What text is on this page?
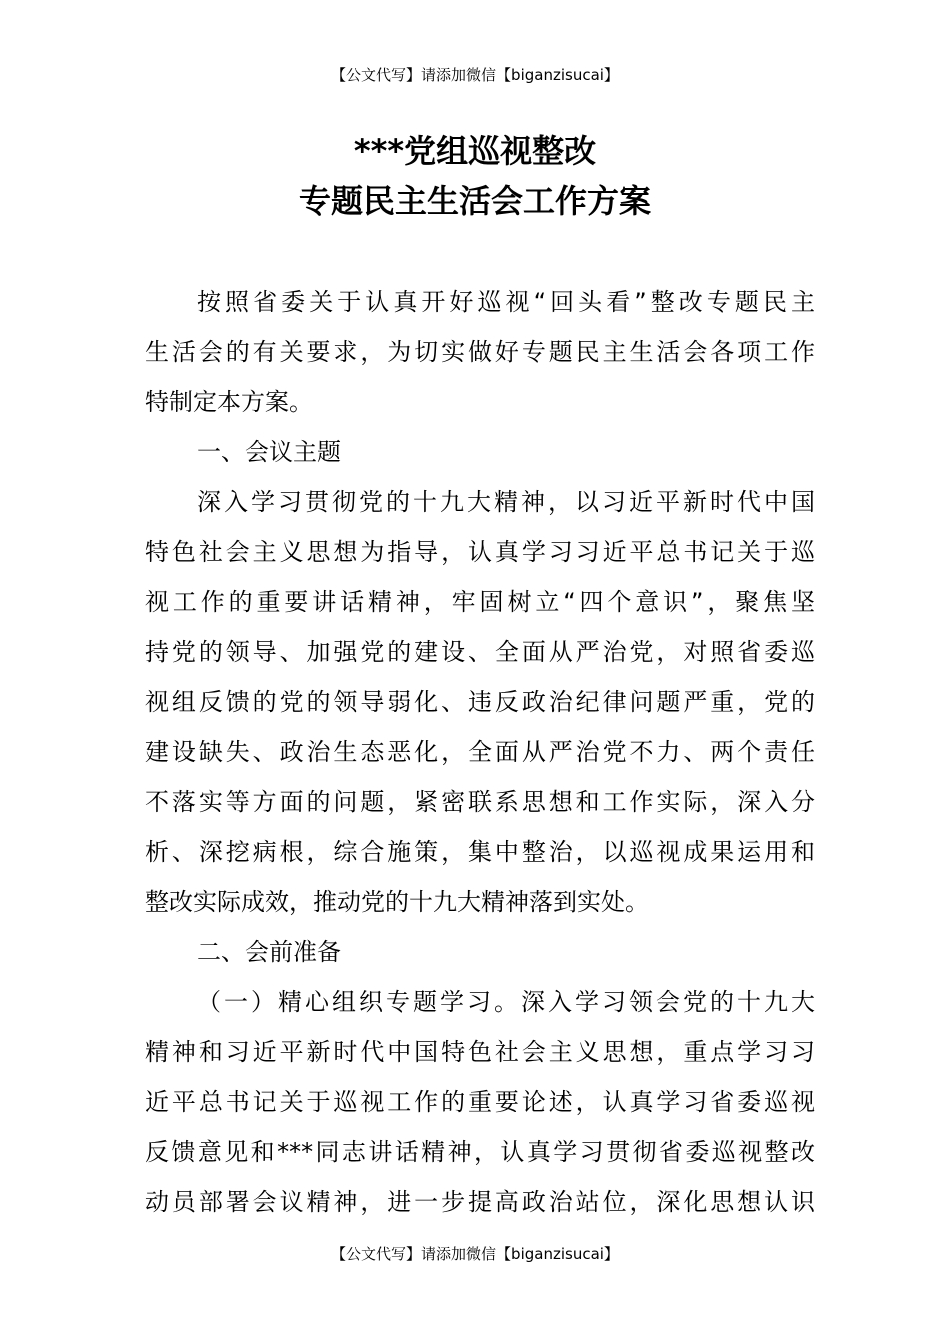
【公文代写】请添加微信【biganzisucai】
***党组巡视整改
专题民主生活会工作方案
按照省委关于认真开好巡视“回头看”整改专题民主
生活会的有关要求，为切实做好专题民主生活会各项工作
特制定本方案。
一、会议主题
深入学习贯彻党的十九大精神，以习近平新时代中国
特色社会主义思想为指导，认真学习习近平总书记关于巡
视工作的重要讲话精神，牢固树立“四个意识”，聚焦坚
持党的领导、加强党的建设、全面从严治党，对照省委巡
视组反馈的党的领导弱化、违反政治纪律问题严重，党的
建设缺失、政治生态恶化，全面从严治党不力、两个责任
不落实等方面的问题，紧密联系思想和工作实际，深入分
析、深挖病根，综合施策，集中整治，以巡视成果运用和
整改实际成效，推动党的十九大精神落到实处。
二、会前准备
（一）精心组织专题学习。深入学习领会党的十九大
精神和习近平新时代中国特色社会主义思想，重点学习习
近平总书记关于巡视工作的重要论述，认真学习省委巡视
反馈意见和***同志讲话精神，认真学习贯彻省委巡视整改
动员部署会议精神，进一步提高政治站位，深化思想认识
【公文代写】请添加微信【biganzisucai】
